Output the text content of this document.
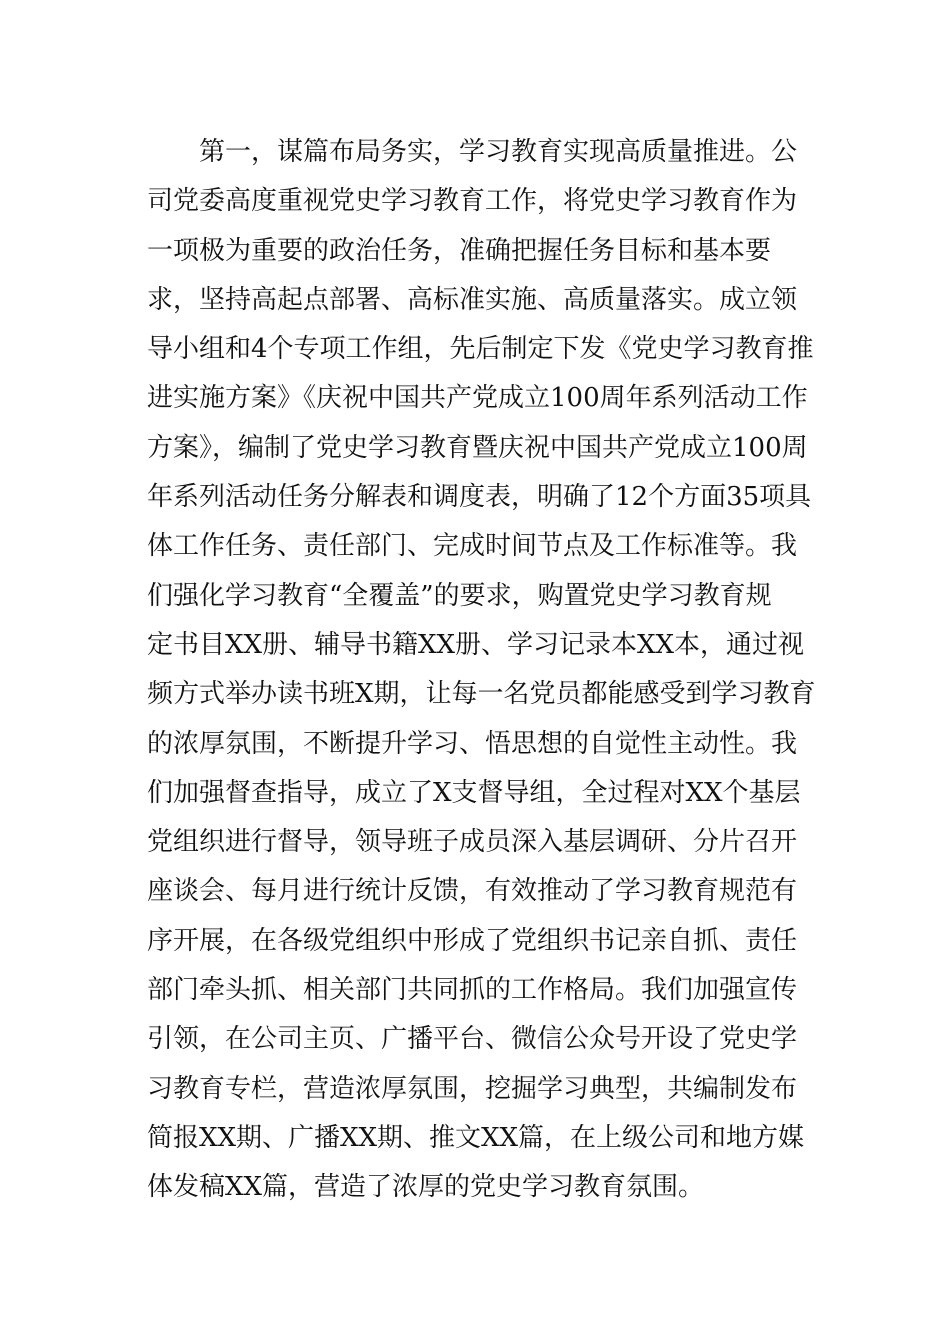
第一，谋篇布局务实，学习教育实现高质量推进。公
司党委高度重视党史学习教育工作，将党史学习教育作为
一项极为重要的政治任务，准确把握任务目标和基本要
求，坚持高起点部署、高标准实施、高质量落实。成立领
导小组和4个专项工作组，先后制定下发《党史学习教育推
进实施方案》《庆祝中国共产党成立100周年系列活动工作
方案》，编制了党史学习教育暨庆祝中国共产党成立100周
年系列活动任务分解表和调度表，明确了12个方面35项具
体工作任务、责任部门、完成时间节点及工作标准等。我
们强化学习教育“全覆盖”的要求，购置党史学习教育规
定书目XX册、辅导书籍XX册、学习记录本XX本，通过视
频方式举办读书班X期，让每一名党员都能感受到学习教育
的浓厚氛围，不断提升学习、悟思想的自觉性主动性。我
们加强督查指导，成立了X支督导组，全过程对XX个基层
党组织进行督导，领导班子成员深入基层调研、分片召开
座谈会、每月进行统计反馈，有效推动了学习教育规范有
序开展，在各级党组织中形成了党组织书记亲自抓、责任
部门牵头抓、相关部门共同抓的工作格局。我们加强宣传
引领，在公司主页、广播平台、微信公众号开设了党史学
习教育专栏，营造浓厚氛围，挖掘学习典型，共编制发布
简报XX期、广播XX期、推文XX篇，在上级公司和地方媒
体发稿XX篇，营造了浓厚的党史学习教育氛围。
